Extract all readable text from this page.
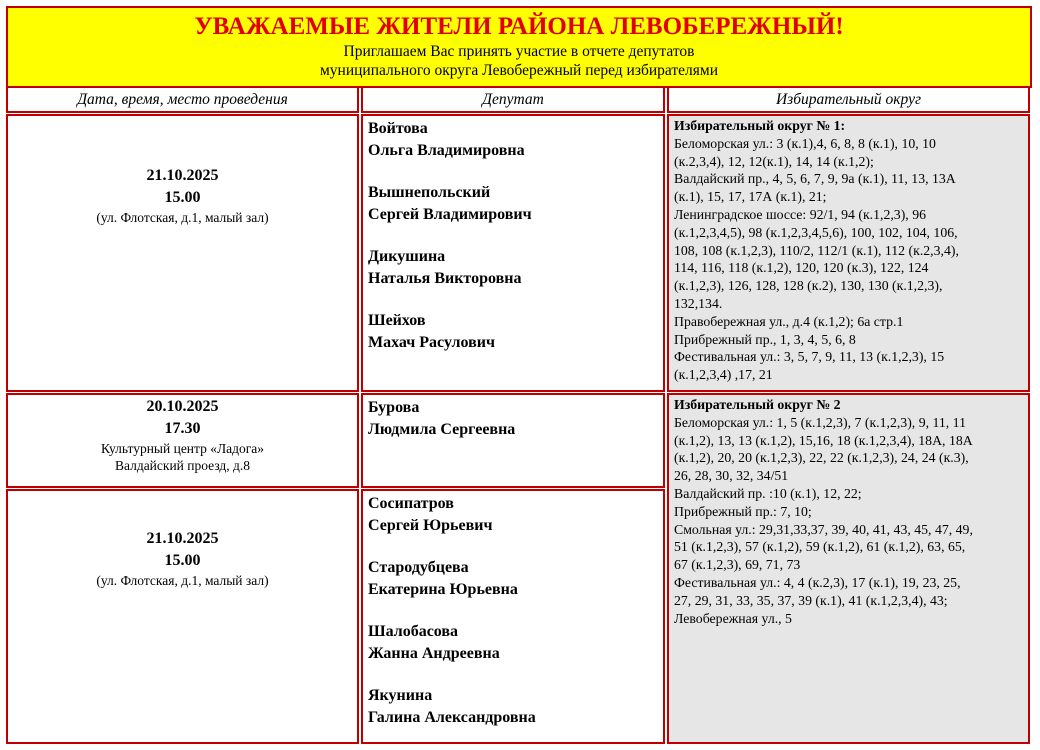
УВАЖАЕМЫЕ ЖИТЕЛИ РАЙОНА ЛЕВОБЕРЕЖНЫЙ!
Приглашаем Вас принять участие в отчете депутатов
муниципального округа Левобережный перед избирателями
Дата, время, место проведения	Депутат	Избирательный округ
21.10.2025
15.00
(ул. Флотская, д.1, малый зал)
Войтова
Ольга Владимировна
Вышнепольский
Сергей Владимирович
Дикушина
Наталья Викторовна
Шейхов
Махач Расулович
Избирательный округ № 1:
Беломорская ул.: 3 (к.1),4, 6, 8, 8 (к.1), 10, 10
(к.2,3,4), 12, 12(к.1), 14, 14 (к.1,2);
Валдайский пр., 4, 5, 6, 7, 9, 9а (к.1), 11, 13, 13А
(к.1), 15, 17, 17А (к.1), 21;
Ленинградское шоссе: 92/1, 94 (к.1,2,3), 96
(к.1,2,3,4,5), 98 (к.1,2,3,4,5,6), 100, 102, 104, 106,
108, 108 (к.1,2,3), 110/2, 112/1 (к.1), 112 (к.2,3,4),
114, 116, 118 (к.1,2), 120, 120 (к.3), 122, 124
(к.1,2,3), 126, 128, 128 (к.2), 130, 130 (к.1,2,3),
132,134.
Правобережная ул., д.4 (к.1,2); 6а стр.1
Прибрежный пр., 1, 3, 4, 5, 6, 8
Фестивальная ул.: 3, 5, 7, 9, 11, 13 (к.1,2,3), 15
(к.1,2,3,4) ,17, 21
20.10.2025
17.30
Культурный центр «Ладога»
Валдайский проезд, д.8
Бурова
Людмила Сергеевна
21.10.2025
15.00
(ул. Флотская, д.1, малый зал)
Сосипатров
Сергей Юрьевич
Стародубцева
Екатерина Юрьевна
Шалобасова
Жанна Андреевна
Якунина
Галина Александровна
Избирательный округ № 2
Беломорская ул.: 1, 5 (к.1,2,3), 7 (к.1,2,3), 9, 11, 11
(к.1,2), 13, 13 (к.1,2), 15,16, 18 (к.1,2,3,4), 18А, 18А
(к.1,2), 20, 20 (к.1,2,3), 22, 22 (к.1,2,3), 24, 24 (к.3),
26, 28, 30, 32, 34/51
Валдайский пр. :10 (к.1), 12, 22;
Прибрежный пр.: 7, 10;
Смольная ул.: 29,31,33,37, 39, 40, 41, 43, 45, 47, 49,
51 (к.1,2,3), 57 (к.1,2), 59 (к.1,2), 61 (к.1,2), 63, 65,
67 (к.1,2,3), 69, 71, 73
Фестивальная ул.: 4, 4 (к.2,3), 17 (к.1), 19, 23, 25,
27, 29, 31, 33, 35, 37, 39 (к.1), 41 (к.1,2,3,4), 43;
Левобережная ул., 5
